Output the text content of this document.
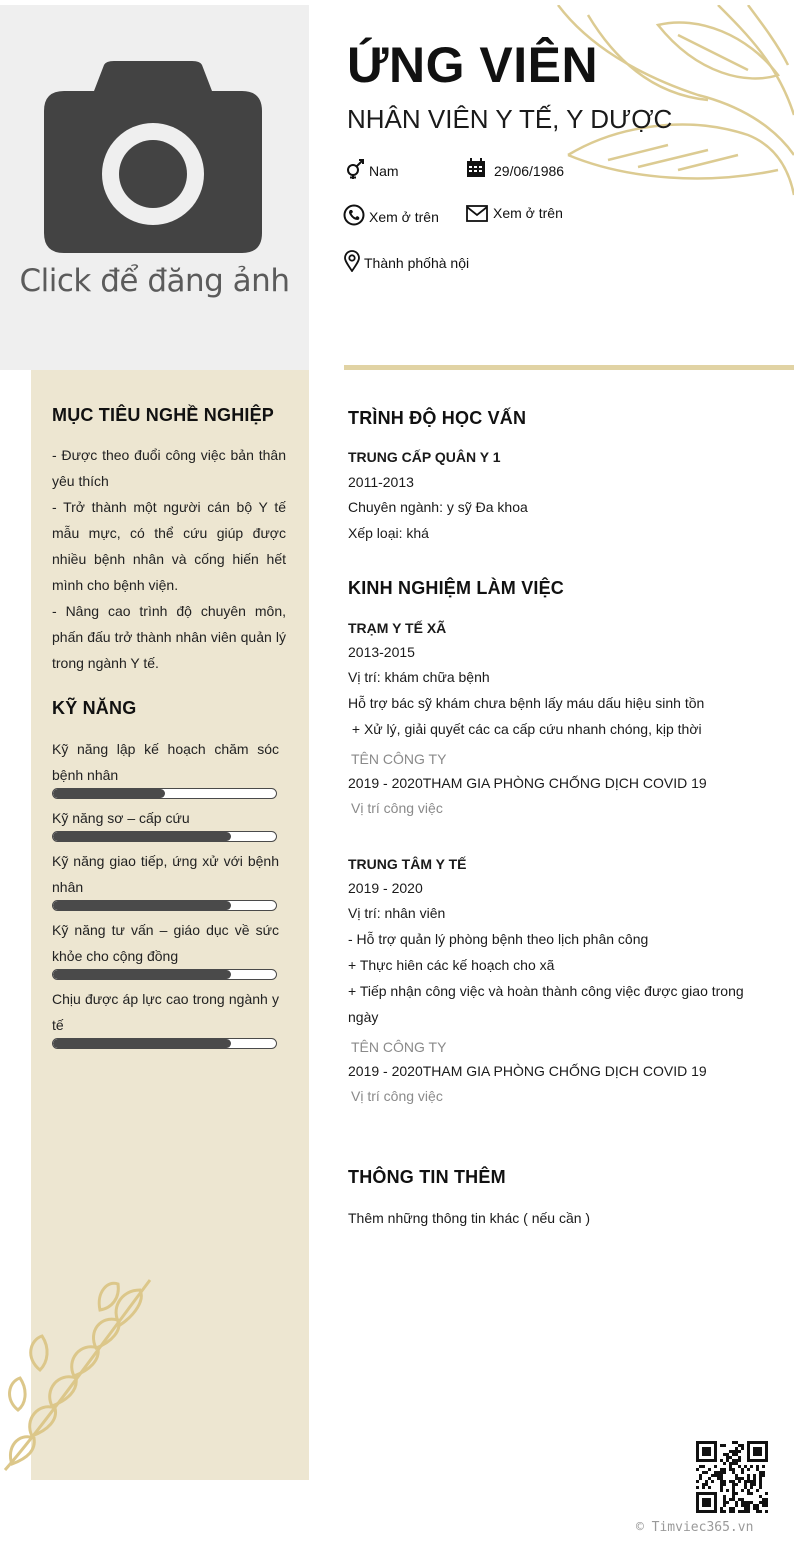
Click để đăng ảnh
MỤC TIÊU NGHỀ NGHIỆP
- Được theo đuổi công việc bản thân yêu thích
- Trở thành một người cán bộ Y tế mẫu mực, có thể cứu giúp được nhiều bệnh nhân và cống hiến hết mình cho bệnh viện.
- Nâng cao trình độ chuyên môn, phấn đấu trở thành nhân viên quản lý trong ngành Y tế.
KỸ NĂNG
Kỹ năng lập kế hoạch chăm sóc bệnh nhân
Kỹ năng sơ – cấp cứu
Kỹ năng giao tiếp, ứng xử với bệnh nhân
Kỹ năng tư vấn – giáo dục về sức khỏe cho cộng đồng
Chịu được áp lực cao trong ngành y tế
ỨNG VIÊN
NHÂN VIÊN Y TẾ, Y DƯỢC
Nam	29/06/1986
Xem ở trên	Xem ở trên
Thành phốhà nội
TRÌNH ĐỘ HỌC VẤN
TRUNG CẤP QUÂN Y 1
2011-2013
Chuyên ngành: y sỹ Đa khoa
Xếp loại: khá
KINH NGHIỆM LÀM VIỆC
TRẠM Y TẾ XÃ
2013-2015
Vị trí: khám chữa bệnh
Hỗ trợ bác sỹ khám chưa bệnh lấy máu dấu hiệu sinh tồn
+ Xử lý, giải quyết các ca cấp cứu nhanh chóng, kịp thời
TÊN CÔNG TY
2019 - 2020THAM GIA PHÒNG CHỐNG DỊCH COVID 19
Vị trí công việc
TRUNG TÂM Y TẾ
2019 - 2020
Vị trí: nhân viên
- Hỗ trợ quản lý phòng bệnh theo lịch phân công
+ Thực hiên các kế hoạch cho xã
+ Tiếp nhận công việc và hoàn thành công việc được giao trong
ngày
TÊN CÔNG TY
2019 - 2020THAM GIA PHÒNG CHỐNG DỊCH COVID 19
Vị trí công việc
THÔNG TIN THÊM
Thêm những thông tin khác ( nếu cần )
© Timviec365.vn
